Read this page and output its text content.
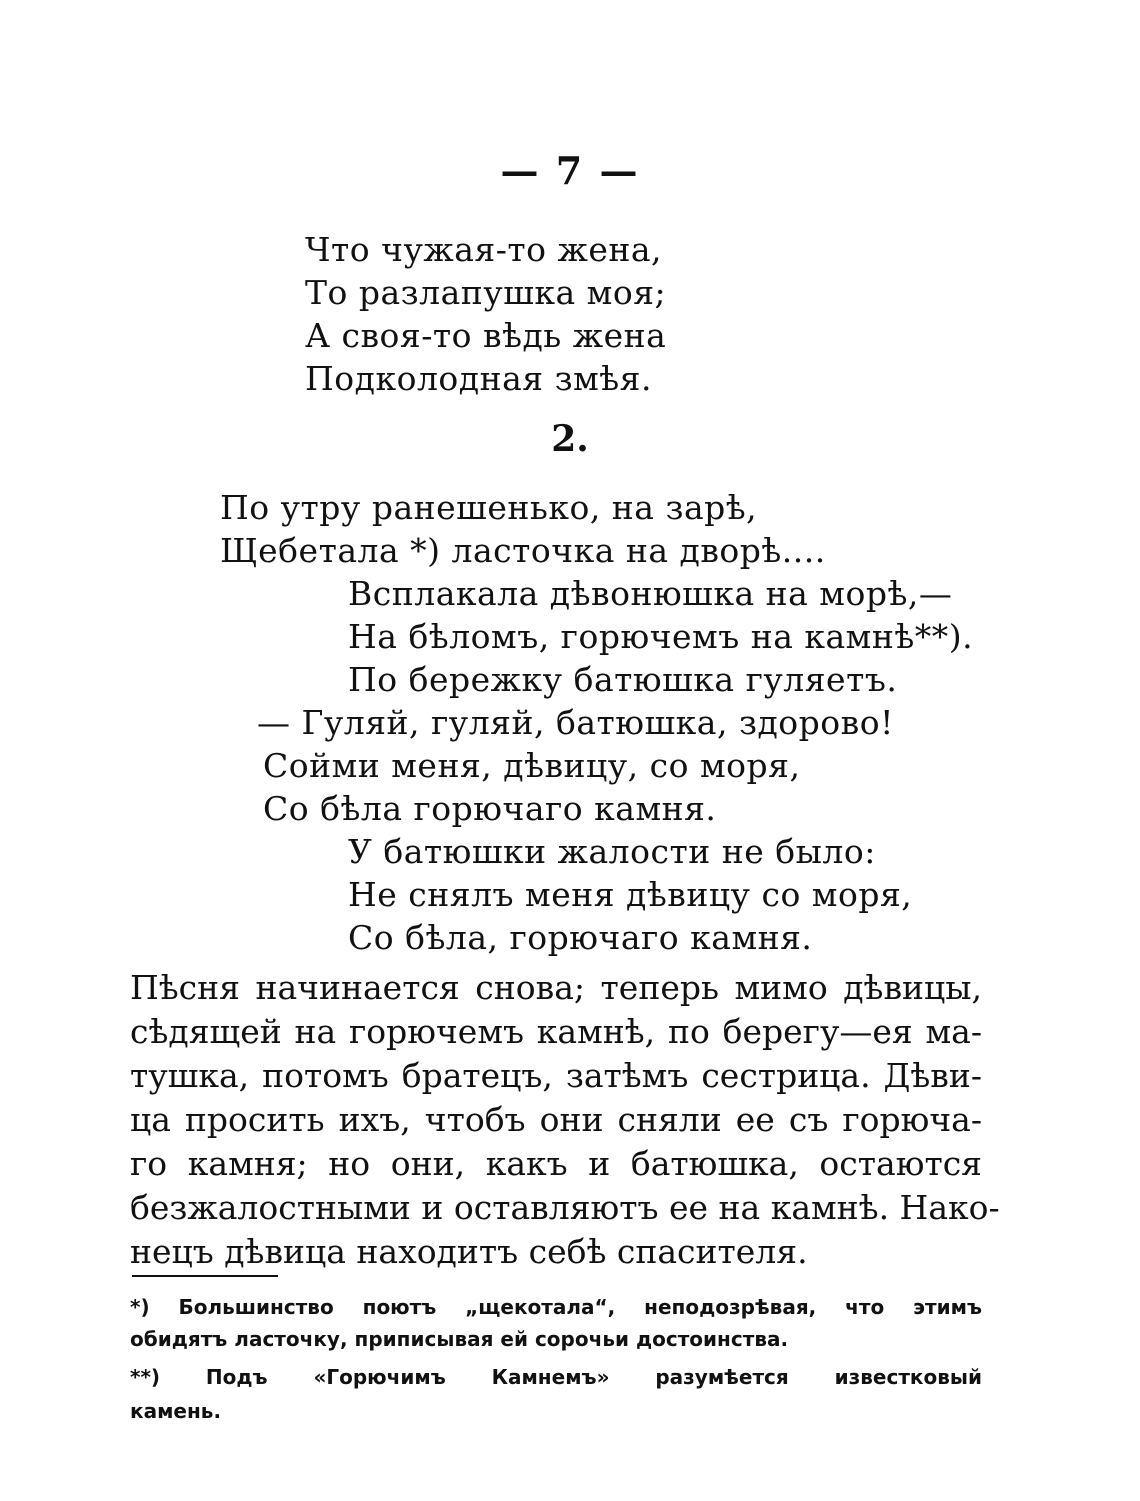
— 7 —
Что чужая-то жена,
То разлапушка моя;
А своя-то вѣдь жена
Подколодная змѣя.
2.
По утру ранешенько, на зарѣ,
Щебетала *) ласточка на дворѣ....
Всплакала дѣвонюшка на морѣ,—
На бѣломъ, горючемъ на камнѣ**).
По бережку батюшка гуляетъ.
— Гуляй, гуляй, батюшка, здорово!
Сойми меня, дѣвицу, со моря,
Со бѣла горючаго камня.
У батюшки жалости не было:
Не снялъ меня дѣвицу со моря,
Со бѣла, горючаго камня.
Пѣсня начинается снова; теперь мимо дѣвицы,
сѣдящей на горючемъ камнѣ, по берегу—ея ма-
тушка, потомъ братецъ, затѣмъ сестрица. Дѣви-
ца просить ихъ, чтобъ они сняли ее съ горюча-
го камня; но они, какъ и батюшка, остаются
безжалостными и оставляютъ ее на камнѣ. Нако-
нецъ дѣвица находитъ себѣ спасителя.
*) Большинство поютъ „щекотала“, неподозрѣвая, что этимъ
обидятъ ласточку, приписывая ей сорочьи достоинства.
**) Подъ «Горючимъ Камнемъ» разумѣется известковый
камень.
